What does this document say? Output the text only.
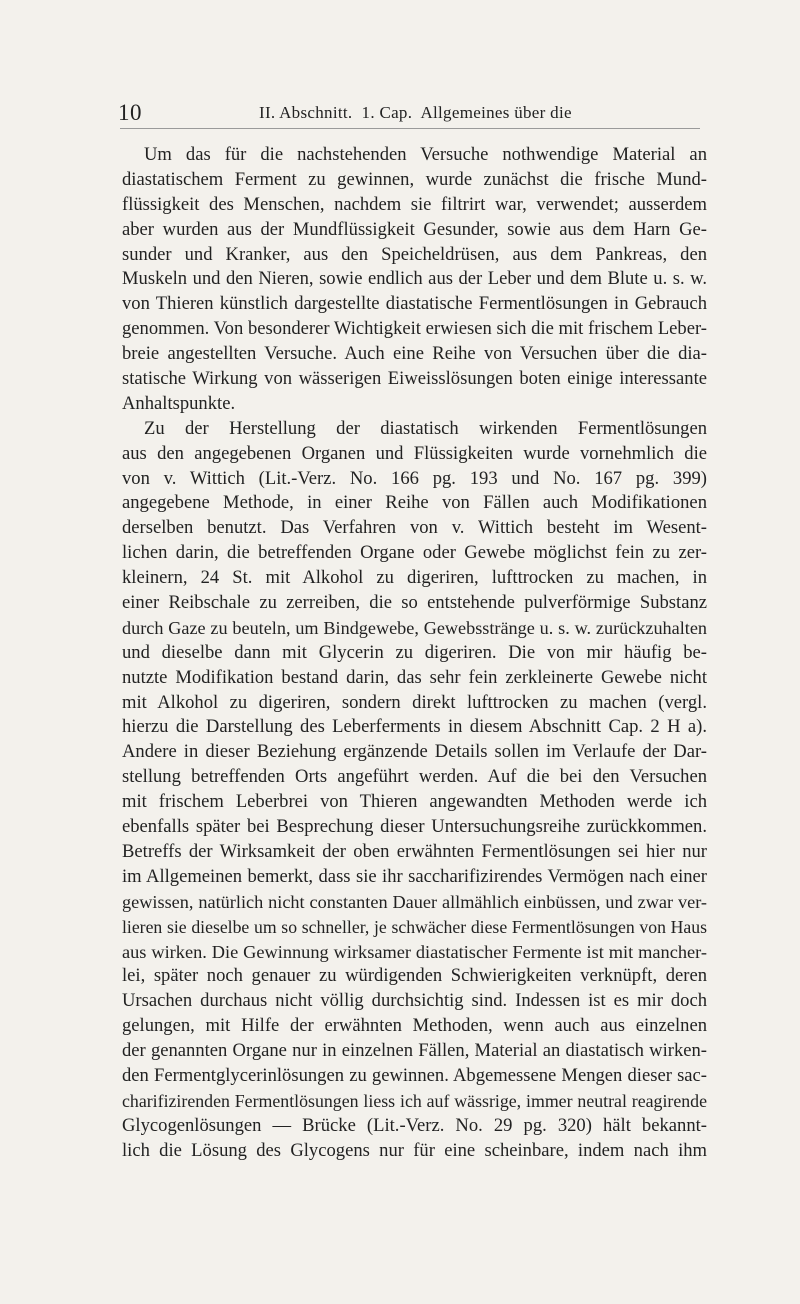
10	II. Abschnitt.  1. Cap.  Allgemeines über die
Um das für die nachstehenden Versuche nothwendige Material an
diastatischem Ferment zu gewinnen, wurde zunächst die frische Mund-
flüssigkeit des Menschen, nachdem sie filtrirt war, verwendet; ausserdem
aber wurden aus der Mundflüssigkeit Gesunder, sowie aus dem Harn Ge-
sunder und Kranker, aus den Speicheldrüsen, aus dem Pankreas, den
Muskeln und den Nieren, sowie endlich aus der Leber und dem Blute u. s. w.
von Thieren künstlich dargestellte diastatische Fermentlösungen in Gebrauch
genommen. Von besonderer Wichtigkeit erwiesen sich die mit frischem Leber-
breie angestellten Versuche. Auch eine Reihe von Versuchen über die dia-
statische Wirkung von wässerigen Eiweisslösungen boten einige interessante
Anhaltspunkte.
Zu der Herstellung der diastatisch wirkenden Fermentlösungen
aus den angegebenen Organen und Flüssigkeiten wurde vornehmlich die
von v. Wittich (Lit.-Verz. No. 166 pg. 193 und No. 167 pg. 399)
angegebene Methode, in einer Reihe von Fällen auch Modifikationen
derselben benutzt. Das Verfahren von v. Wittich besteht im Wesent-
lichen darin, die betreffenden Organe oder Gewebe möglichst fein zu zer-
kleinern, 24 St. mit Alkohol zu digeriren, lufttrocken zu machen, in
einer Reibschale zu zerreiben, die so entstehende pulverförmige Substanz
durch Gaze zu beuteln, um Bindgewebe, Gewebsstränge u. s. w. zurückzuhalten
und dieselbe dann mit Glycerin zu digeriren. Die von mir häufig be-
nutzte Modifikation bestand darin, das sehr fein zerkleinerte Gewebe nicht
mit Alkohol zu digeriren, sondern direkt lufttrocken zu machen (vergl.
hierzu die Darstellung des Leberferments in diesem Abschnitt Cap. 2 H a).
Andere in dieser Beziehung ergänzende Details sollen im Verlaufe der Dar-
stellung betreffenden Orts angeführt werden. Auf die bei den Versuchen
mit frischem Leberbrei von Thieren angewandten Methoden werde ich
ebenfalls später bei Besprechung dieser Untersuchungsreihe zurückkommen.
Betreffs der Wirksamkeit der oben erwähnten Fermentlösungen sei hier nur
im Allgemeinen bemerkt, dass sie ihr saccharifizirendes Vermögen nach einer
gewissen, natürlich nicht constanten Dauer allmählich einbüssen, und zwar ver-
lieren sie dieselbe um so schneller, je schwächer diese Fermentlösungen von Haus
aus wirken. Die Gewinnung wirksamer diastatischer Fermente ist mit mancher-
lei, später noch genauer zu würdigenden Schwierigkeiten verknüpft, deren
Ursachen durchaus nicht völlig durchsichtig sind. Indessen ist es mir doch
gelungen, mit Hilfe der erwähnten Methoden, wenn auch aus einzelnen
der genannten Organe nur in einzelnen Fällen, Material an diastatisch wirken-
den Fermentglycerinlösungen zu gewinnen. Abgemessene Mengen dieser sac-
charifizirenden Fermentlösungen liess ich auf wässrige, immer neutral reagirende
Glycogenlösungen — Brücke (Lit.-Verz. No. 29 pg. 320) hält bekannt-
lich die Lösung des Glycogens nur für eine scheinbare, indem nach ihm
